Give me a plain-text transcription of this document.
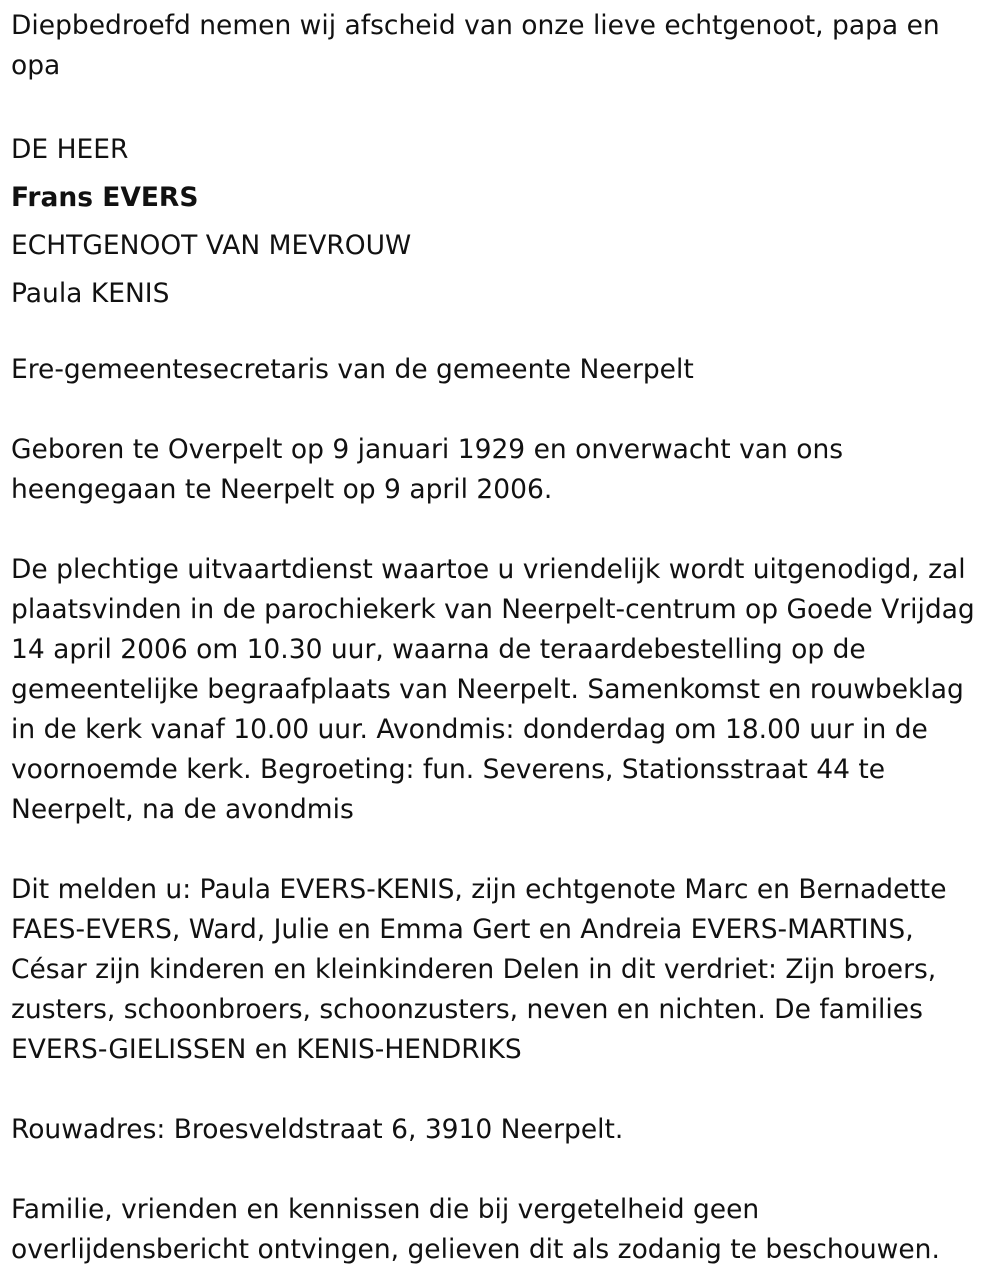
Diepbedroefd nemen wij afscheid van onze lieve echtgenoot, papa en
opa

DE HEER
Frans EVERS
ECHTGENOOT VAN MEVROUW
Paula KENIS

Ere-gemeentesecretaris van de gemeente Neerpelt

Geboren te Overpelt op 9 januari 1929 en onverwacht van ons
heengegaan te Neerpelt op 9 april 2006.

De plechtige uitvaartdienst waartoe u vriendelijk wordt uitgenodigd, zal
plaatsvinden in de parochiekerk van Neerpelt-centrum op Goede Vrijdag
14 april 2006 om 10.30 uur, waarna de teraardebestelling op de
gemeentelijke begraafplaats van Neerpelt. Samenkomst en rouwbeklag
in de kerk vanaf 10.00 uur. Avondmis: donderdag om 18.00 uur in de
voornoemde kerk. Begroeting: fun. Severens, Stationsstraat 44 te
Neerpelt, na de avondmis

Dit melden u: Paula EVERS-KENIS, zijn echtgenote Marc en Bernadette
FAES-EVERS, Ward, Julie en Emma Gert en Andreia EVERS-MARTINS,
César zijn kinderen en kleinkinderen Delen in dit verdriet: Zijn broers,
zusters, schoonbroers, schoonzusters, neven en nichten. De families
EVERS-GIELISSEN en KENIS-HENDRIKS

Rouwadres: Broesveldstraat 6, 3910 Neerpelt.

Familie, vrienden en kennissen die bij vergetelheid geen
overlijdensbericht ontvingen, gelieven dit als zodanig te beschouwen.
